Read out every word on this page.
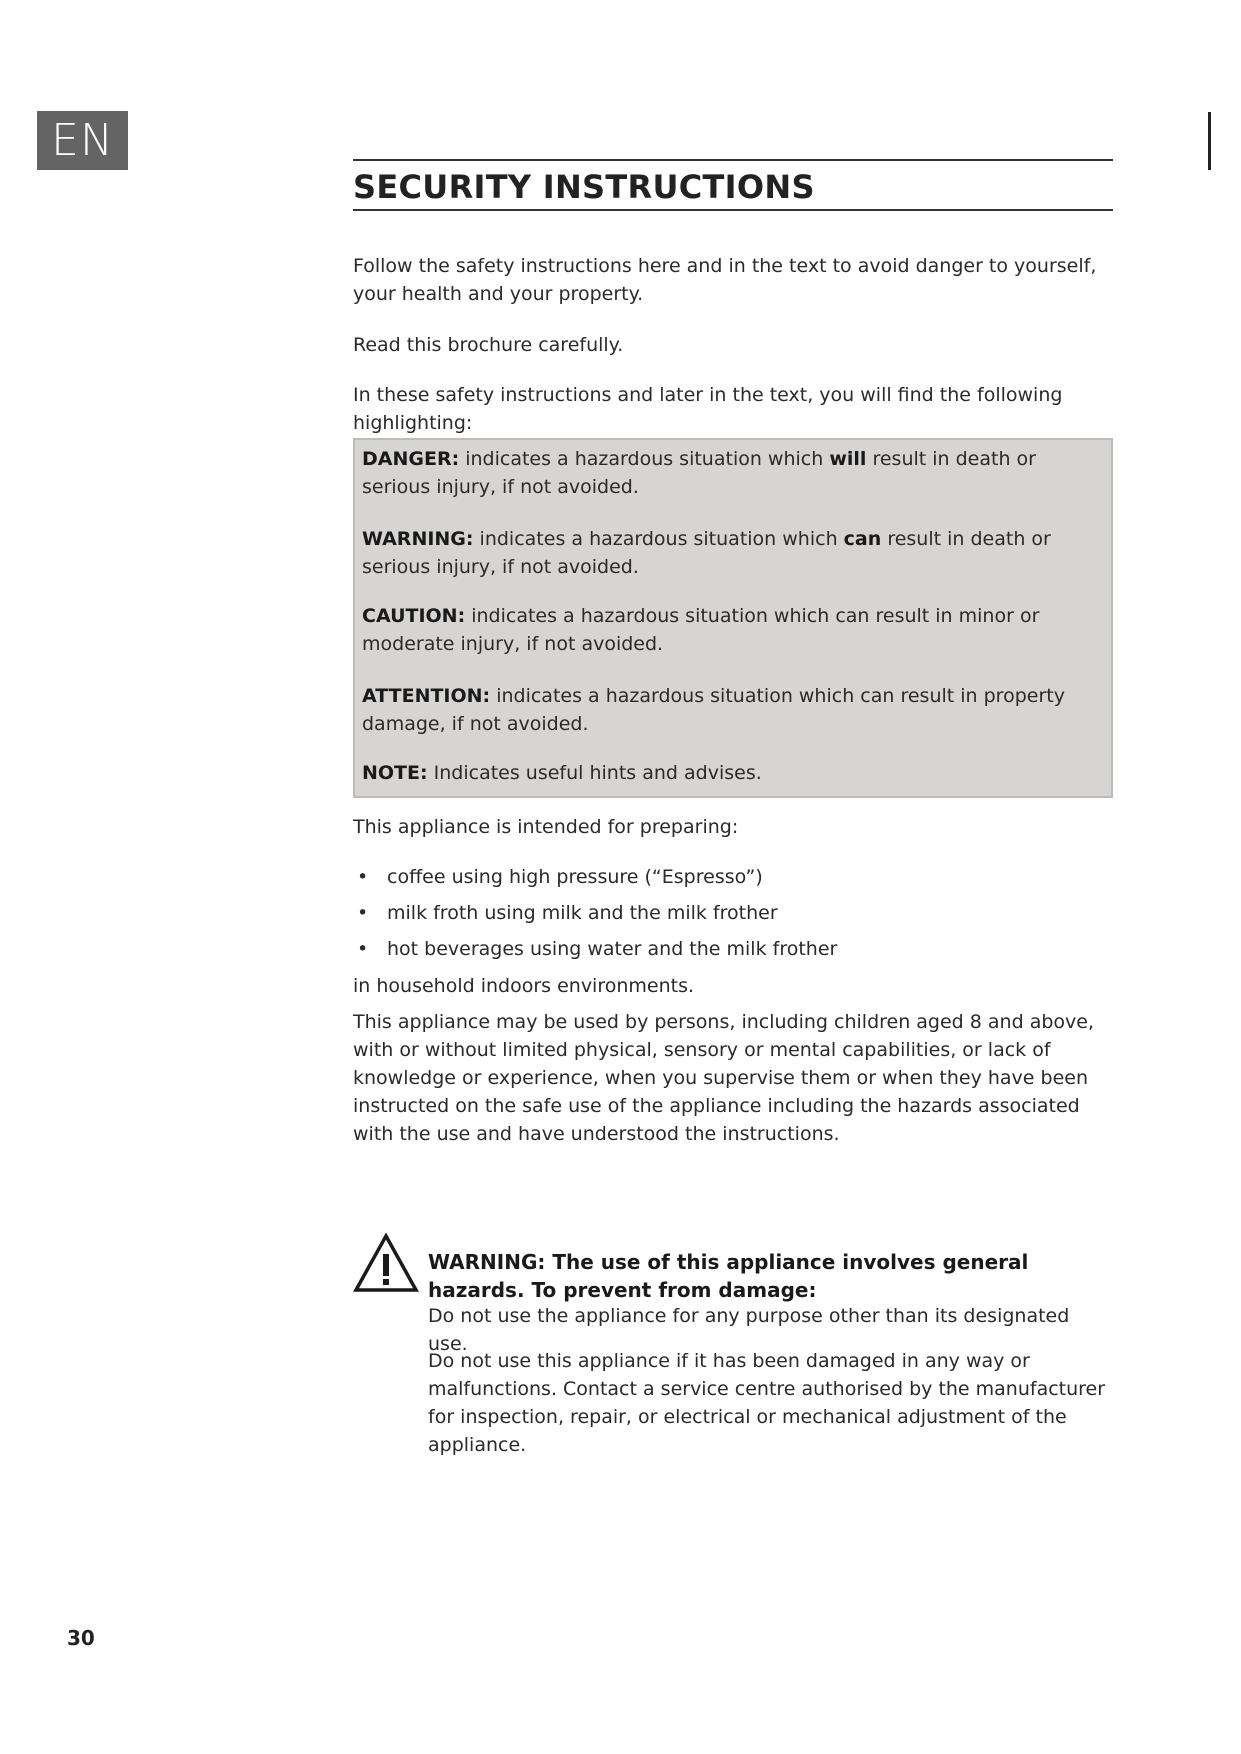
EN
SECURITY INSTRUCTIONS

Follow the safety instructions here and in the text to avoid danger to yourself, your health and your property.

Read this brochure carefully.

In these safety instructions and later in the text, you will find the following highlighting:

DANGER: indicates a hazardous situation which will result in death or serious injury, if not avoided.

WARNING: indicates a hazardous situation which can result in death or serious injury, if not avoided.

CAUTION: indicates a hazardous situation which can result in minor or moderate injury, if not avoided.

ATTENTION: indicates a hazardous situation which can result in property damage, if not avoided.

NOTE: Indicates useful hints and advises.

This appliance is intended for preparing:

• coffee using high pressure (“Espresso”)

• milk froth using milk and the milk frother

• hot beverages using water and the milk frother

in household indoors environments.

This appliance may be used by persons, including children aged 8 and above, with or without limited physical, sensory or mental capabilities, or lack of knowledge or experience, when you supervise them or when they have been instructed on the safe use of the appliance including the hazards associated with the use and have understood the instructions.

WARNING: The use of this appliance involves general hazards. To prevent from damage:

Do not use the appliance for any purpose other than its designated use.

Do not use this appliance if it has been damaged in any way or malfunctions. Contact a service centre authorised by the manufacturer for inspection, repair, or electrical or mechanical adjustment of the appliance.

30
